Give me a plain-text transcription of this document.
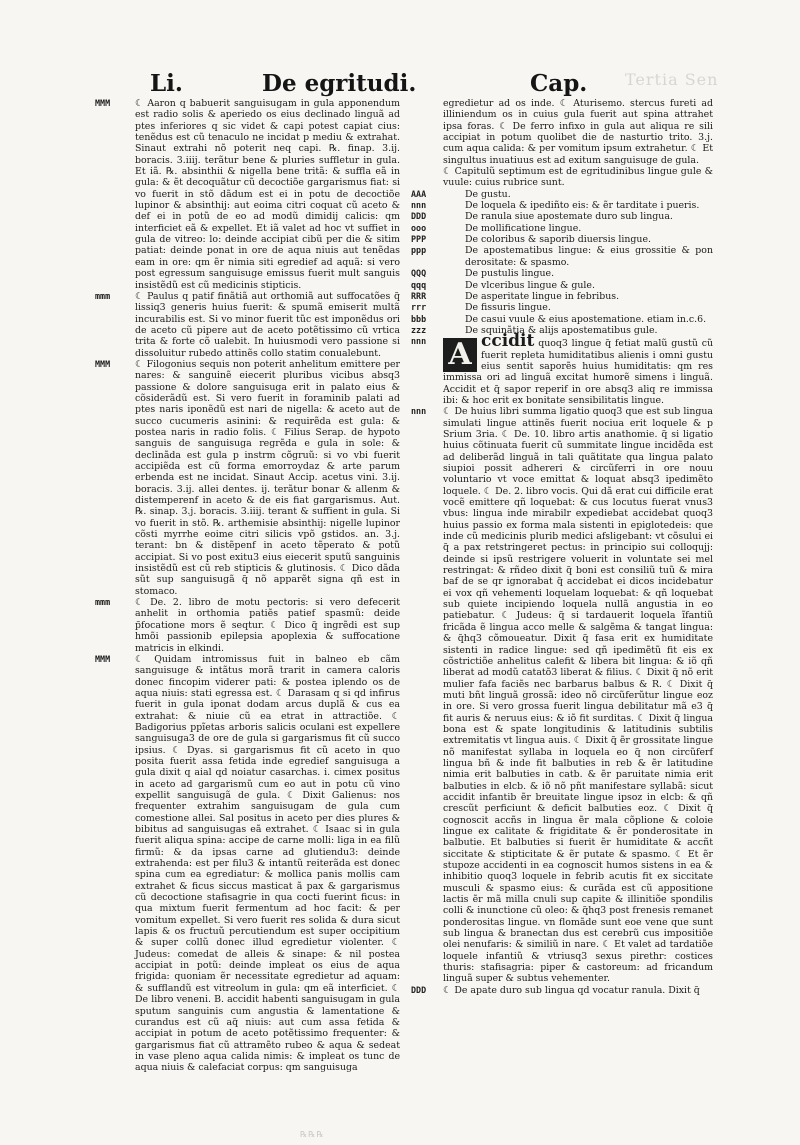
Li.	De egritudi.	Cap. Tertia Sen
MMM	☾ Aaron q babuerit sanguisugam in gula apponendum est radio solis & aperiedo os eius declinado linguã ad ptes inferiores q sic videt & capi potest capiat cius: tenẽdus est cũ tenaculo ne incidat p mediu & extrahat. Sinaut extrahi nõ poterit neq capi. ℞. finap. 3.ij. boracis. 3.iiij. terãtur bene & pluries suffletur in gula. Et iã. ℞. absinthii & nigella bene tritã: & suffla eã in gula: & ẽt decoquãtur cũ decoctiõe gargarismus fiat: si vo fuerit in stõ dãdum est ei in potu de decoctiõe lupinor & absinthij: aut eoima citri coquat cũ aceto & def ei in potũ de eo ad modũ dimidij calicis: qm interficiet eã & expellet. Et iã valet ad hoc vt suffiet in gula de vitreo: lo: deinde accipiat cibũ per die & sitim patiat: deinde ponat in ore de aqua niuis aut tenẽdas eam in ore: qm ẽr nimia siti egredief ad aquã: si vero post egressum sanguisuge emissus fuerit mult sanguis insistẽdũ est cũ medicinis stipticis.

mmm	☾ Paulus q patif finãtiã aut orthomiã aut suffocatões q̃ lissiq3 generis huius fuerit: & spumã emiserit multã incurabilis est. Si vo minor fuerit tũc est imponẽdus ori de aceto cũ pipere aut de aceto potẽtissimo cũ vrtica trita & forte cõ ualebit. In huiusmodi vero passione si dissoluitur rubedo attinẽs collo statim conualebunt.

MMM	☾ Filogonius sequis non poterit anhelitum emittere per nares: & sanguinẽ eiecerit pluribus vicibus absq3 passione & dolore sanguisuga erit in palato eius & cõsiderãdũ est. Si vero fuerit in foraminib palati ad ptes naris iponẽdũ est nari de nigella: & aceto aut de succo cucumeris asinini: & requirẽda est gula: & postea naris in radio folis. ☾ Filius Serap. de hypoto sanguis de sanguisuga regrẽda e gula in sole: & declinãda est gula p instrm cõgruũ: si vo vbi fuerit accipiẽda est cũ forma emorroydaz & arte parum erbenda est ne incidat. Sinaut Accip. acetus vini. 3.ij. boracis. 3.ij. allei dentes. ij. terãtur bonar & allenm & distemperenf in aceto & de eis fiat gargarismus. Aut. ℞. sinap. 3.j. boracis. 3.iiij. terant & suffient in gula. Si vo fuerit in stõ. ℞. arthemisie absinthij: nigelle lupinor cõsti myrrhe eoime citri silicis vpõ gstidos. an. 3.j. terant: bn & distẽpenf in aceto tẽperato & potũ accipiat. Si vo post exitu3 eius eiecerit sputũ sanguinis insistẽdũ est cũ reb stipticis & glutinosis. ☾ Dico dãda sũt sup sanguisugã q̃ nõ apparẽt signa qñ est in stomaco.

mmm	☾ De. 2. libro de motu pectoris: si vero defecerit anhelit in orthomia patiẽs patief spasmũ: deide p̃focatione mors ẽ seqtur. ☾ Dico q̃ ingrẽdi est sup hmõi passionib epilepsia apoplexia & suffocatione matricis in elkindi.

MMM	☾ Quidam intromissus fuit in balneo eb cãm sanguisuge & intãtus morã trarit in camera caloris donec fincopim viderer pati: & postea iplendo os de aqua niuis: stati egressa est. ☾ Darasam q si qd infirus fuerit in gula iponat dodam arcus duplã & cus ea extrahat: & niuie cũ ea etrat in attractiõe. ☾ Badigorius ppĩetas arboris salicis oculani est expellere sanguisuga3 de ore de gula si gargarismus fit cũ succo ipsius. ☾ Dyas. si gargarismus fit cũ aceto in quo posita fuerit assa fetida inde egredief sanguisuga a gula dixit q aial qd noiatur casarchas. i. cimex positus in aceto ad gargarismũ cum eo aut in potu cũ vino expellit sanguisugã de gula. ☾ Dixit Galienus: nos frequenter extrahim sanguisugam de gula cum comestione allei. Sal positus in aceto per dies plures & bibitus ad sanguisugas eã extrahet. ☾ Isaac si in gula fuerit aliqua spina: accipe de carne molli: liga in ea filũ firmũ: & da ipsas carne ad glutiendu3: deinde extrahenda: est per filu3 & intantũ reiterãda est donec spina cum ea egrediatur: & mollica panis mollis cam extrahet & ficus siccus masticat ã pax & gargarismus cũ decoctione stafisagrie in qua cocti fuerint ficus: in qua mixtum fuerit fermentum ad hoc facit: & per vomitum expellet. Si vero fuerit res solida & dura sicut lapis & os fructuũ percutiendum est super occipitium & super collũ donec illud egredietur violenter. ☾ Judeus: comedat de alleis & sinape: & nil postea accipiat in potũ: deinde impleat os eius de aqua frigida: quoniam ẽr necessitate egredietur ad aquam: & sufflandũ est vitreolum in gula: qm eã interficiet. ☾ De libro veneni. B. accidit habenti sanguisugam in gula sputum sanguinis cum angustia & lamentatione & curandus est cũ aq̃ niuis: aut cum assa fetida & accipiat in potum de aceto potẽtissimo frequenter: & gargarismus fiat cũ attramẽto rubeo & aqua & sedeat in vase pleno aqua calida nimis: & impleat os tunc de aqua niuis & calefaciat corpus: qm sanguisuga

egredietur ad os inde. ☾ Aturisemo. stercus fureti ad illiniendum os in cuius gula fuerit aut spina attrahet ipsa foras. ☾ De ferro infixo in gula aut aliqua re sili accipiat in potum quolibet die de nasturtio trito. 3.j. cum aqua calida: & per vomitum ipsum extrahetur. ☾ Et singultus inuatiuus est ad exitum sanguisuge de gula.

☾ Capitulũ septimum est de egritudinibus lingue gule & vuule: cuius rubrice sunt.

AAA	De gustu.
nnn	De loquela & ipediñto eis: & ẽr tarditate i pueris.
DDD	De ranula siue apostemate duro sub lingua.
ooo	De mollificatione lingue.
PPP	De coloribus & saporib diuersis lingue.
ppp	De apostematibus lingue: & eius grossitie & pon derositate: & spasmo.
QQQ	De pustulis lingue.
qqq	De vlceribus lingue & gule.
RRR	De asperitate lingue in febribus.
rrr	De fissuris lingue.
bbb	De casui vuule & eius apostematione. etiam in.c.6.
zzz	De squinãtia & alijs apostematibus gule.
nnn A ccidit quoq3 lingue q̃ fetiat malũ gustũ cũ fuerit repleta humiditatibus alienis i omni gustu eius sentit saporẽs huius humiditatis: qm res immissa ori ad linguã excitat humorẽ simens i linguã. Accidit et q̃ sapor reperif in ore absq3 aliq re immissa ibi: & hoc erit ex bonitate sensibilitatis lingue.
nnn ☾ De huius libri summa ligatio quoq3 que est sub lingua simulati lingue attinẽs fuerit nociua erit loquele & p Srium 3ria. ☾ De. 10. libro artis anathomie. q̃ si ligatio huius cõtinuata fuerit cũ summitate lingue incidẽda est ad deliberãd linguã in tali quãtitate qua lingua palato siupioi possit adhereri & circũferri in ore nouu voluntario vt voce emittat & loquat absq3 ipedimẽto loquele. ☾ De. 2. libro vocis. Qui dã erat cui difficile erat vocẽ emittere qñ loquebat: & cus locutus fuerat vnus3 vbus: lingua inde mirabilr expediebat accidebat quoq3 huius passio ex forma mala sistenti in epiglotedeis: que inde cũ medicinis plurib medici afsligebant: vt cõsului ei q̃ a pax retstringeret pectus: in principio sui colloqujj: deinde si ipsũ restrigere voluerit in voluntate sei mel restringat: & rñdeo dixit q̃ boni est consiliũ tuũ & mira baf de se qr ignorabat q̃ accidebat ei dicos incidebatur ei vox qñ vehementi loquelam loquebat: & qñ loquebat sub quiete incipiendo loquela nullã angustia in eo patiebatur. ☾ Judeus: q̃ si tardauerit loquela ĩfantiũ fricãda ẽ lingua acco melle & salgẽma & tangat lingua: & q̃hq3 cõmoueatur. Dixit q̃ fasa erit ex humiditate sistenti in radice lingue: sed qñ ipedimẽtũ fit eis ex cõstrictiõe anhelitus calefit & libera bit lingua: & iõ qñ liberat ad modũ catatõ3 liberat & filius. ☾ Dixit q̃ nõ erit mulier fafa faciẽs nec barbarus balbus & R. ☾ Dixit q̃ muti bñt linguã grossã: ideo nõ circũferũtur lingue eoz in ore. Si vero grossa fuerit lingua debilitatur mã e3 q̃ fit auris & neruus eius: & iõ fit surditas. ☾ Dixit q̃ lingua bona est & spate longitudinis & latitudinis subtilis extremitatis vt lingua auis. ☾ Dixit q̃ ẽr grossitate lingue nõ manifestat syllaba in loquela eo q̃ non circũferf lingua bñ & inde fit balbuties in reb & ẽr latitudine nimia erit balbuties in catb. & ẽr paruitate nimia erit balbuties in elcb. & iõ nõ pñt manifestare syllabã: sicut accidit infantib ẽr breuitate lingue ipsoz in elcb: & qñ crescũt perficiunt & deficit balbuties eoz. ☾ Dixit q̃ cognoscit accñs in lingua ẽr mala cõplione & coloie lingue ex calitate & frigiditate & ẽr ponderositate in balbutie. Et balbuties si fuerit ẽr humiditate & accñt siccitate & stipticitate & ẽr putate & spasmo. ☾ Et ẽr stupoze accidenti in ea cognoscit humos sistens in ea & inhibitio quoq3 loquele in febrib acutis fit ex siccitate musculi & spasmo eius: & curãda est cũ appositione lactis ẽr mã milla cnuli sup capite & illinitiõe spondilis colli & inunctione cũ oleo: & q̃hq3 post frenesis remanet ponderositas lingue. vn flomãde sunt eoe vene que sunt sub lingua & branectan dus est cerebrũ cus impositiõe olei nenufaris: & similiũ in nare. ☾ Et valet ad tardatiõe loquele infantiũ & vtriusq3 sexus pirethr: costices thuris: stafisagria: piper & castoreum: ad fricandum linguã super & subtus vehementer.

DDD ☾ De apate duro sub lingua qd vocatur ranula. Dixit q̃

℞℞℞
